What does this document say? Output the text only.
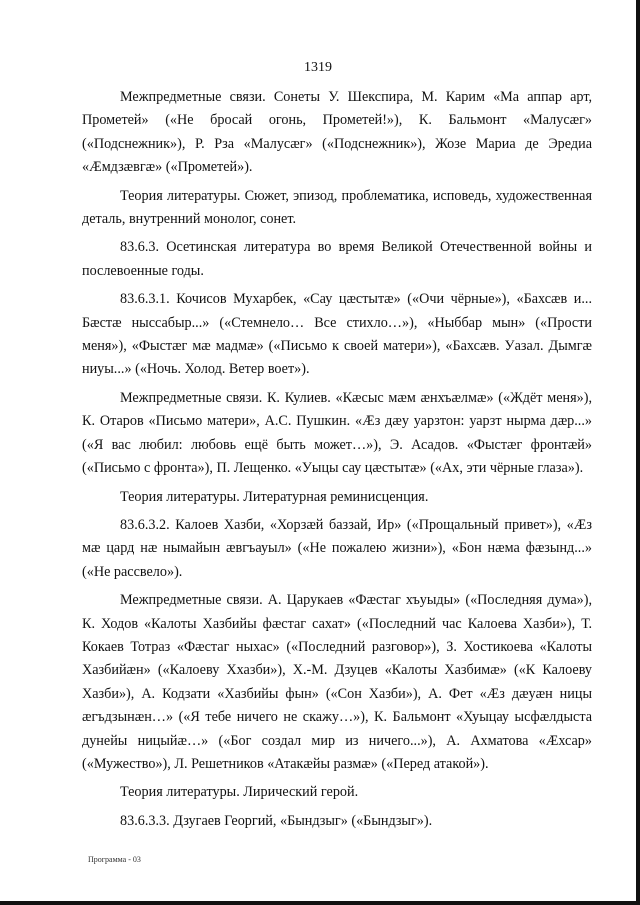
1319

Межпредметные связи. Сонеты У. Шекспира, М. Карим «Ма аппар арт, Прометей» («Не бросай огонь, Прометей!»), К. Бальмонт «Малусæг» («Подснежник»), Р. Рза «Малусæг» («Подснежник»), Жозе Мариа де Эредиа «Æмдзæвгæ» («Прометей»).

Теория литературы. Сюжет, эпизод, проблематика, исповедь, художественная деталь, внутренний монолог, сонет.

83.6.3. Осетинская литература во время Великой Отечественной войны и послевоенные годы.

83.6.3.1. Кочисов Мухарбек, «Сау цæстытæ» («Очи чёрные»), «Бахсæв и... Бæстæ ныссабыр...» («Стемнело… Все стихло…»), «Ныббар мын» («Прости меня»), «Фыстæг мæ мадмæ» («Письмо к своей матери»), «Бахсæв. Уазал. Дымгæ ниуы...» («Ночь. Холод. Ветер воет»).

Межпредметные связи. К. Кулиев. «Кæсыс мæм æнхъæлмæ» («Ждёт меня»), К. Отаров «Письмо матери», А.С. Пушкин. «Æз дæу уарзтон: уарзт нырма дæр...» («Я вас любил: любовь ещё быть может…»), Э. Асадов. «Фыстæг фронтæй» («Письмо с фронта»), П. Лещенко. «Уыцы сау цæстытæ» («Ах, эти чёрные глаза»).

Теория литературы. Литературная реминисценция.

83.6.3.2. Калоев Хазби, «Хорзæй баззай, Ир» («Прощальный привет»), «Æз мæ цард нæ нымайын æвгъауыл» («Не пожалею жизни»), «Бон нæма фæзынд...» («Не рассвело»).

Межпредметные связи. А. Царукаев «Фæстаг хъуыды» («Последняя дума»), К. Ходов «Калоты Хазбийы фæстаг сахат» («Последний час Калоева Хазби»), Т. Кокаев Тотраз «Фæстаг ныхас» («Последний разговор»), З. Хостикоева «Калоты Хазбийæн» («Калоеву Ххазби»), Х.-М. Дзуцев «Калоты Хазбимæ» («К Калоеву Хазби»), А. Кодзати «Хазбийы фын» («Сон Хазби»), А. Фет «Æз дæуæн ницы æгъдзынæн…» («Я тебе ничего не скажу…»), К. Бальмонт «Хуыцау ысфæлдыста дунейы ницыйæ…» («Бог создал мир из ничего...»), А. Ахматова «Æхсар» («Мужество»), Л. Решетников «Атакæйы размæ» («Перед атакой»).

Теория литературы. Лирический герой.

83.6.3.3. Дзугаев Георгий, «Бындзыг» («Бындзыг»).

Программа - 03
